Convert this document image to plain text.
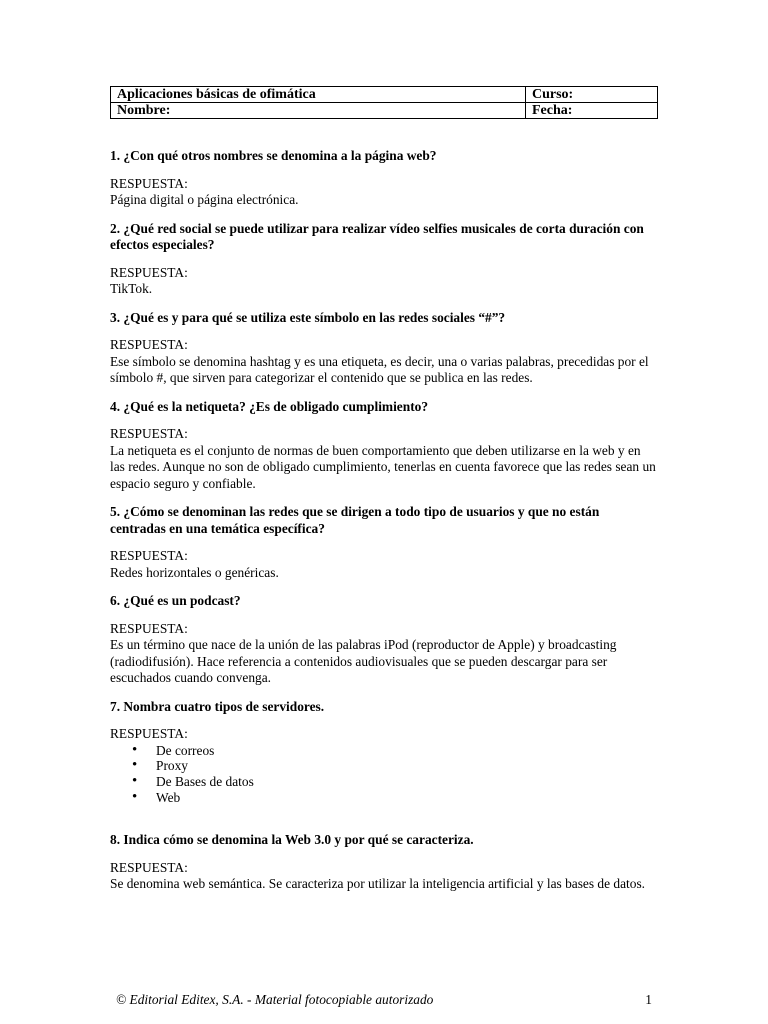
Aplicaciones básicas de ofimática	Curso:
Nombre:	Fecha:

1. ¿Con qué otros nombres se denomina a la página web?

RESPUESTA:

Página digital o página electrónica.

2. ¿Qué red social se puede utilizar para realizar vídeo selfies musicales de corta duración con efectos especiales?

RESPUESTA:

TikTok.

3. ¿Qué es y para qué se utiliza este símbolo en las redes sociales “#”?

RESPUESTA:

Ese símbolo se denomina hashtag y es una etiqueta, es decir, una o varias palabras, precedidas por el símbolo #, que sirven para categorizar el contenido que se publica en las redes.

4. ¿Qué es la netiqueta? ¿Es de obligado cumplimiento?

RESPUESTA:

La netiqueta es el conjunto de normas de buen comportamiento que deben utilizarse en la web y en las redes. Aunque no son de obligado cumplimiento, tenerlas en cuenta favorece que las redes sean un espacio seguro y confiable.

5. ¿Cómo se denominan las redes que se dirigen a todo tipo de usuarios y que no están centradas en una temática específica?

RESPUESTA:

Redes horizontales o genéricas.

6. ¿Qué es un podcast?

RESPUESTA:

Es un término que nace de la unión de las palabras iPod (reproductor de Apple) y broadcasting (radiodifusión). Hace referencia a contenidos audiovisuales que se pueden descargar para ser escuchados cuando convenga.

7. Nombra cuatro tipos de servidores.

RESPUESTA:

• De correos
• Proxy
• De Bases de datos
• Web

8. Indica cómo se denomina la Web 3.0 y por qué se caracteriza.

RESPUESTA:

Se denomina web semántica. Se caracteriza por utilizar la inteligencia artificial y las bases de datos.

© Editorial Editex, S.A. - Material fotocopiable autorizado	1
